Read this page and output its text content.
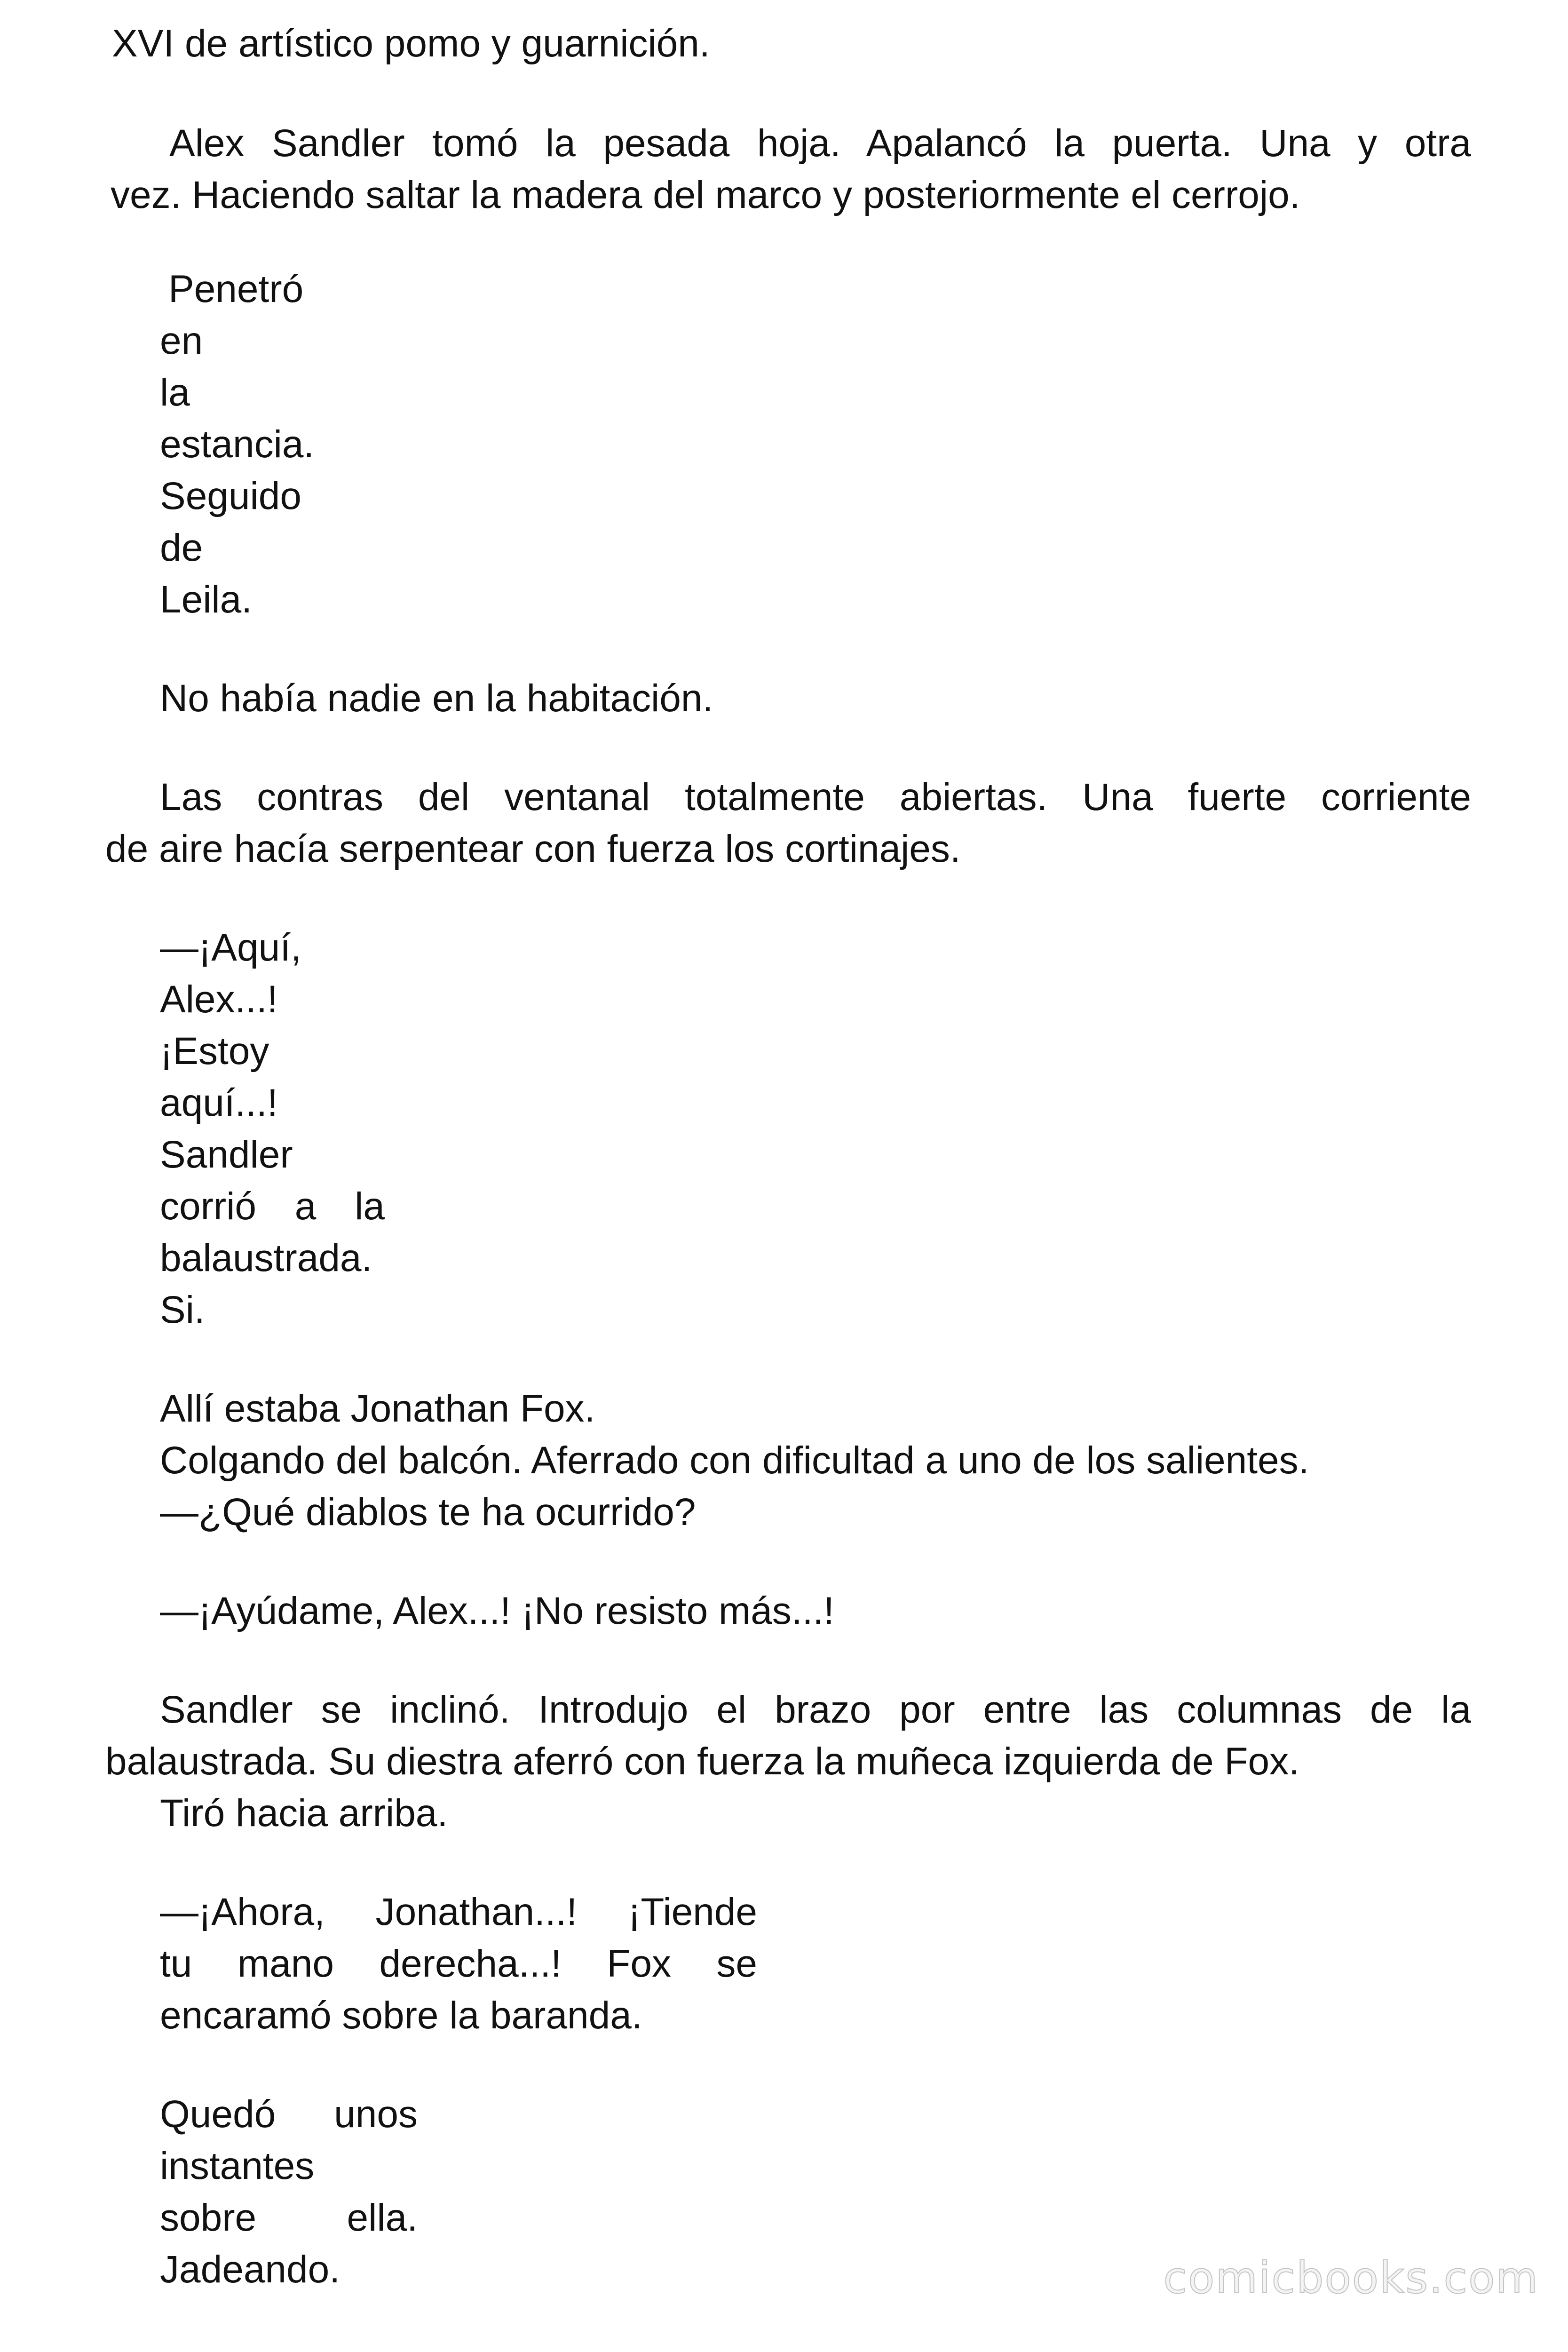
XVI de artístico pomo y guarnición.

Alex Sandler tomó la pesada hoja. Apalancó la puerta. Una y otra

vez. Haciendo saltar la madera del marco y posteriormente el cerrojo.

Penetró

en

la

estancia.

Seguido

de

Leila.

No había nadie en la habitación.

Las contras del ventanal totalmente abiertas. Una fuerte corriente

de aire hacía serpentear con fuerza los cortinajes.

—¡Aquí,

Alex...!

¡Estoy

aquí...!

Sandler

corrió a la

balaustrada.

Si.

Allí estaba Jonathan Fox.

Colgando del balcón. Aferrado con dificultad a uno de los salientes.

—¿Qué diablos te ha ocurrido?

—¡Ayúdame, Alex...! ¡No resisto más...!

Sandler se inclinó. Introdujo el brazo por entre las columnas de la

balaustrada. Su diestra aferró con fuerza la muñeca izquierda de Fox.

Tiró hacia arriba.

—¡Ahora, Jonathan...! ¡Tiende

tu mano derecha...! Fox se

encaramó sobre la baranda.

Quedó unos

instantes

sobre ella.

Jadeando.	comicbooks.com
